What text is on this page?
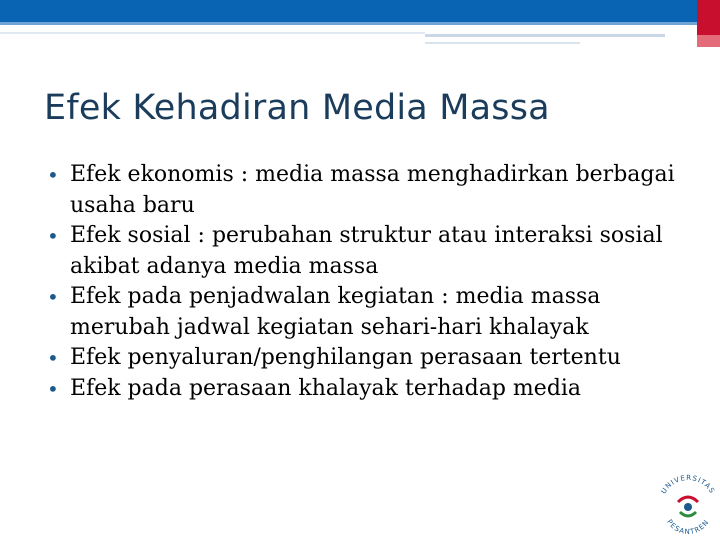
Efek Kehadiran Media Massa
• Efek ekonomis : media massa menghadirkan berbagai usaha baru
• Efek sosial : perubahan struktur atau interaksi sosial akibat adanya media massa
• Efek pada penjadwalan kegiatan : media massa merubah jadwal kegiatan sehari-hari khalayak
• Efek penyaluran/penghilangan perasaan tertentu
• Efek pada perasaan khalayak terhadap media
UNIVERSITAS
PESANTREN
